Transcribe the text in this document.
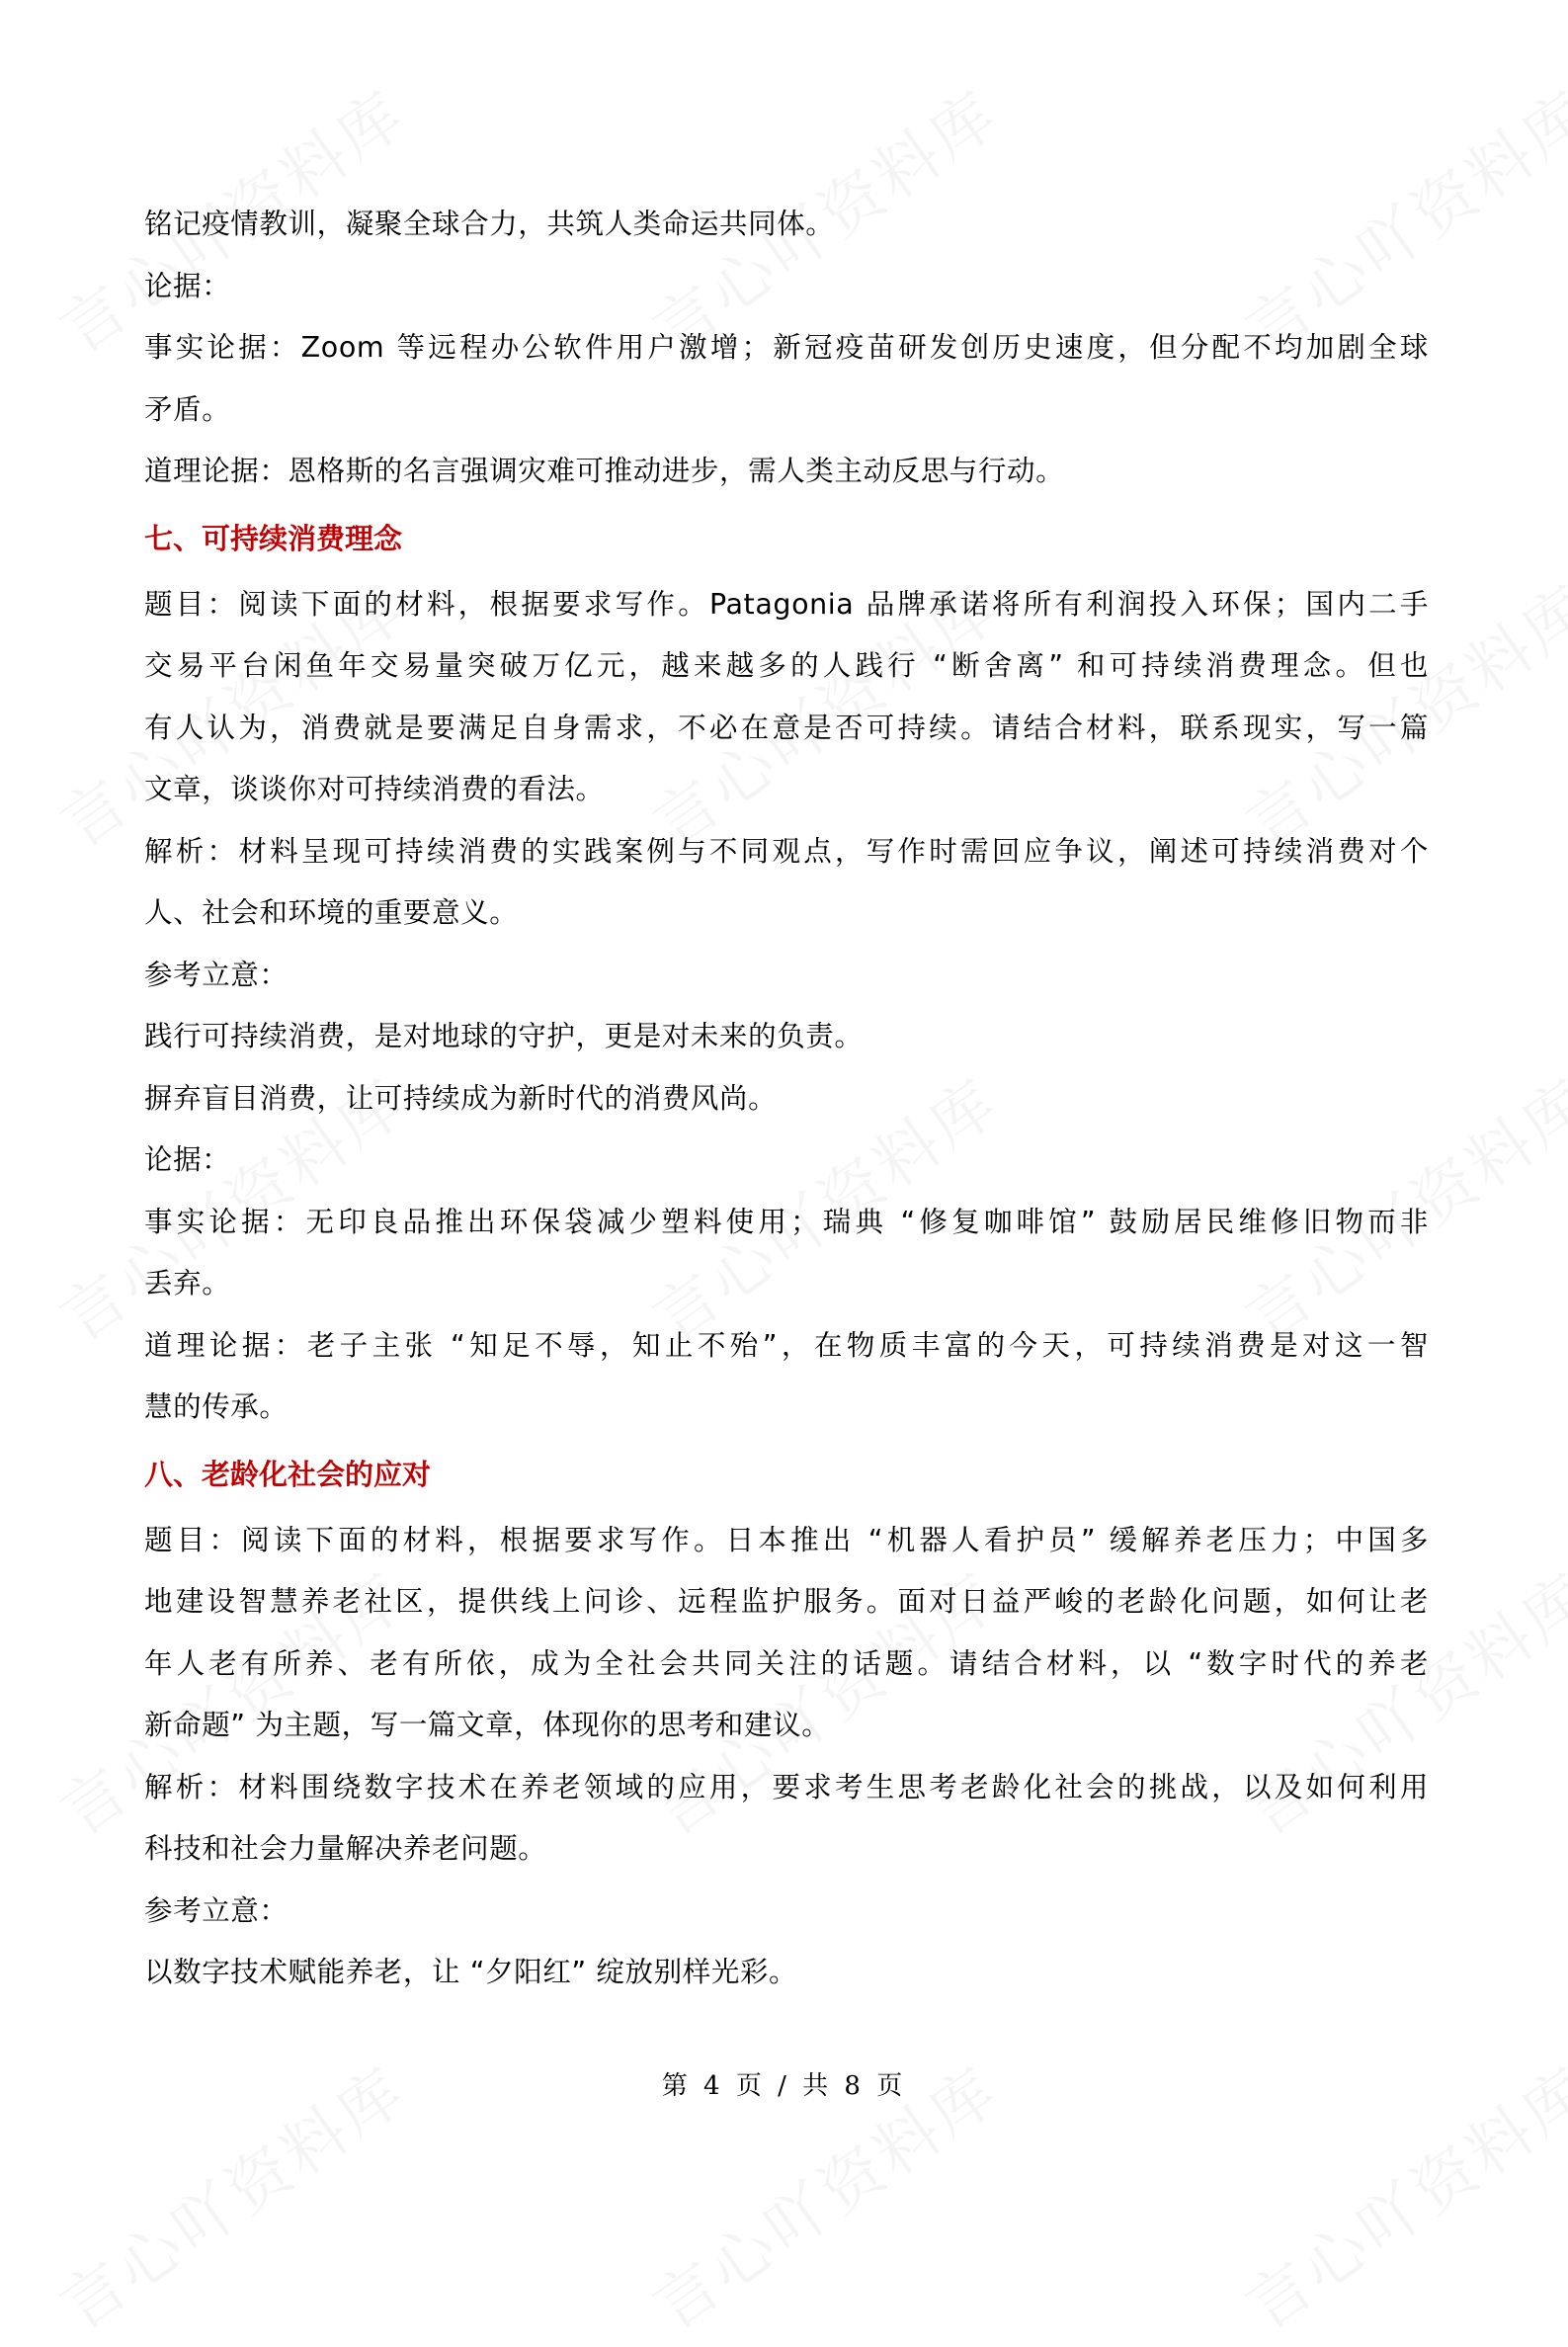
铭记疫情教训，凝聚全球合力，共筑人类命运共同体。
论据：
事实论据：Zoom 等远程办公软件用户激增；新冠疫苗研发创历史速度，但分配不均加剧全球
矛盾。
道理论据：恩格斯的名言强调灾难可推动进步，需人类主动反思与行动。
七、可持续消费理念
题目：阅读下面的材料，根据要求写作。Patagonia 品牌承诺将所有利润投入环保；国内二手
交易平台闲鱼年交易量突破万亿元，越来越多的人践行 “断舍离” 和可持续消费理念。但也
有人认为，消费就是要满足自身需求，不必在意是否可持续。请结合材料，联系现实，写一篇
文章，谈谈你对可持续消费的看法。
解析：材料呈现可持续消费的实践案例与不同观点，写作时需回应争议，阐述可持续消费对个
人、社会和环境的重要意义。
参考立意：
践行可持续消费，是对地球的守护，更是对未来的负责。
摒弃盲目消费，让可持续成为新时代的消费风尚。
论据：
事实论据：无印良品推出环保袋减少塑料使用；瑞典 “修复咖啡馆” 鼓励居民维修旧物而非
丢弃。
道理论据：老子主张 “知足不辱，知止不殆”，在物质丰富的今天，可持续消费是对这一智
慧的传承。
八、老龄化社会的应对
题目：阅读下面的材料，根据要求写作。日本推出 “机器人看护员” 缓解养老压力；中国多
地建设智慧养老社区，提供线上问诊、远程监护服务。面对日益严峻的老龄化问题，如何让老
年人老有所养、老有所依，成为全社会共同关注的话题。请结合材料，以 “数字时代的养老
新命题” 为主题，写一篇文章，体现你的思考和建议。
解析：材料围绕数字技术在养老领域的应用，要求考生思考老龄化社会的挑战，以及如何利用
科技和社会力量解决养老问题。
参考立意：
以数字技术赋能养老，让 “夕阳红” 绽放别样光彩。
第 4 页 / 共 8 页
